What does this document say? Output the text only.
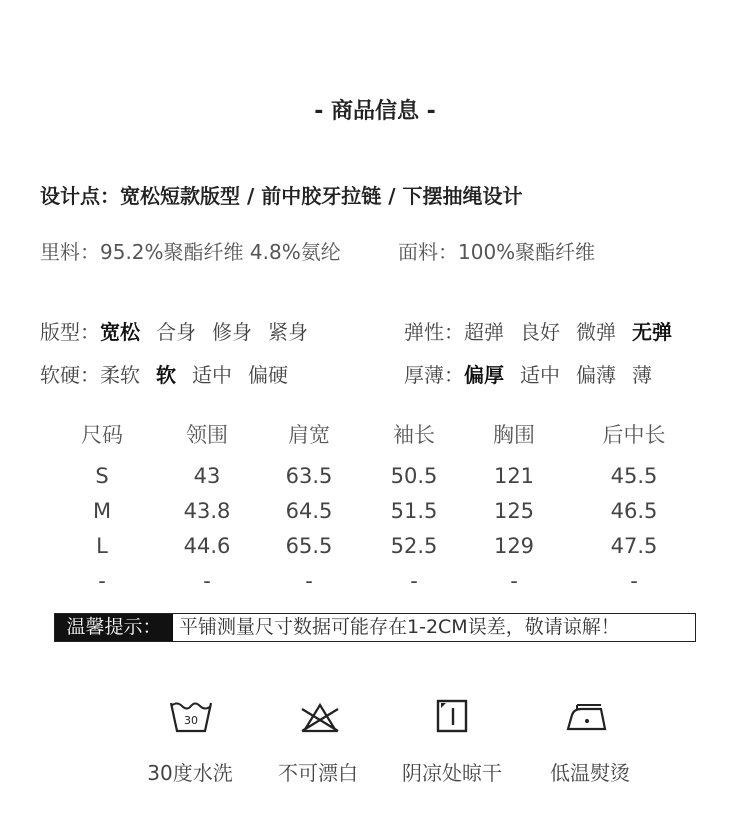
- 商品信息 -
设计点：宽松短款版型 / 前中胶牙拉链 / 下摆抽绳设计
里料：95.2%聚酯纤维 4.8%氨纶	面料：100%聚酯纤维
版型：宽松 合身 修身 紧身	弹性：超弹 良好 微弹 无弹
软硬：柔软 软 适中 偏硬	厚薄：偏厚 适中 偏薄 薄
尺码	领围	肩宽	袖长	胸围	后中长
S	43	63.5	50.5	121	45.5
M	43.8	64.5	51.5	125	46.5
L	44.6	65.5	52.5	129	47.5
-	-	-	-	-	-
温馨提示： 平铺测量尺寸数据可能存在1-2CM误差，敬请谅解！
30
30度水洗	不可漂白	阴凉处晾干	低温熨烫
